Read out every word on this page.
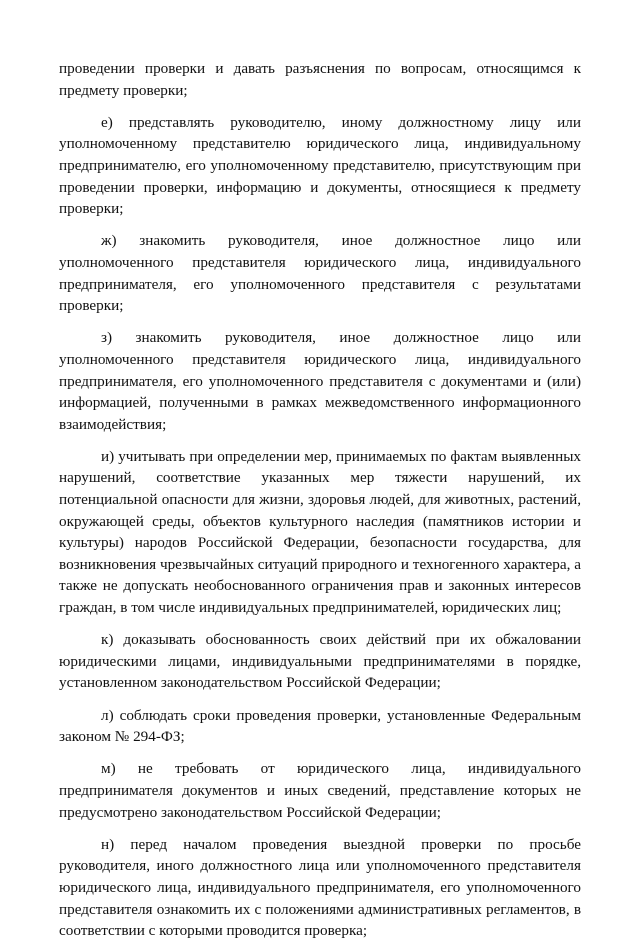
проведении проверки и давать разъяснения по вопросам, относящимся к предмету проверки;

е) представлять руководителю, иному должностному лицу или уполномоченному представителю юридического лица, индивидуальному предпринимателю, его уполномоченному представителю, присутствующим при проведении проверки, информацию и документы, относящиеся к предмету проверки;

ж) знакомить руководителя, иное должностное лицо или уполномоченного представителя юридического лица, индивидуального предпринимателя, его уполномоченного представителя с результатами проверки;

з) знакомить руководителя, иное должностное лицо или уполномоченного представителя юридического лица, индивидуального предпринимателя, его уполномоченного представителя с документами и (или) информацией, полученными в рамках межведомственного информационного взаимодействия;

и) учитывать при определении мер, принимаемых по фактам выявленных нарушений, соответствие указанных мер тяжести нарушений, их потенциальной опасности для жизни, здоровья людей, для животных, растений, окружающей среды, объектов культурного наследия (памятников истории и культуры) народов Российской Федерации, безопасности государства, для возникновения чрезвычайных ситуаций природного и техногенного характера, а также не допускать необоснованного ограничения прав и законных интересов граждан, в том числе индивидуальных предпринимателей, юридических лиц;

к) доказывать обоснованность своих действий при их обжаловании юридическими лицами, индивидуальными предпринимателями в порядке, установленном законодательством Российской Федерации;

л) соблюдать сроки проведения проверки, установленные Федеральным законом № 294-ФЗ;

м) не требовать от юридического лица, индивидуального предпринимателя документов и иных сведений, представление которых не предусмотрено законодательством Российской Федерации;

н) перед началом проведения выездной проверки по просьбе руководителя, иного должностного лица или уполномоченного представителя юридического лица, индивидуального предпринимателя, его уполномоченного представителя ознакомить их с положениями административных регламентов, в соответствии с которыми проводится проверка;
